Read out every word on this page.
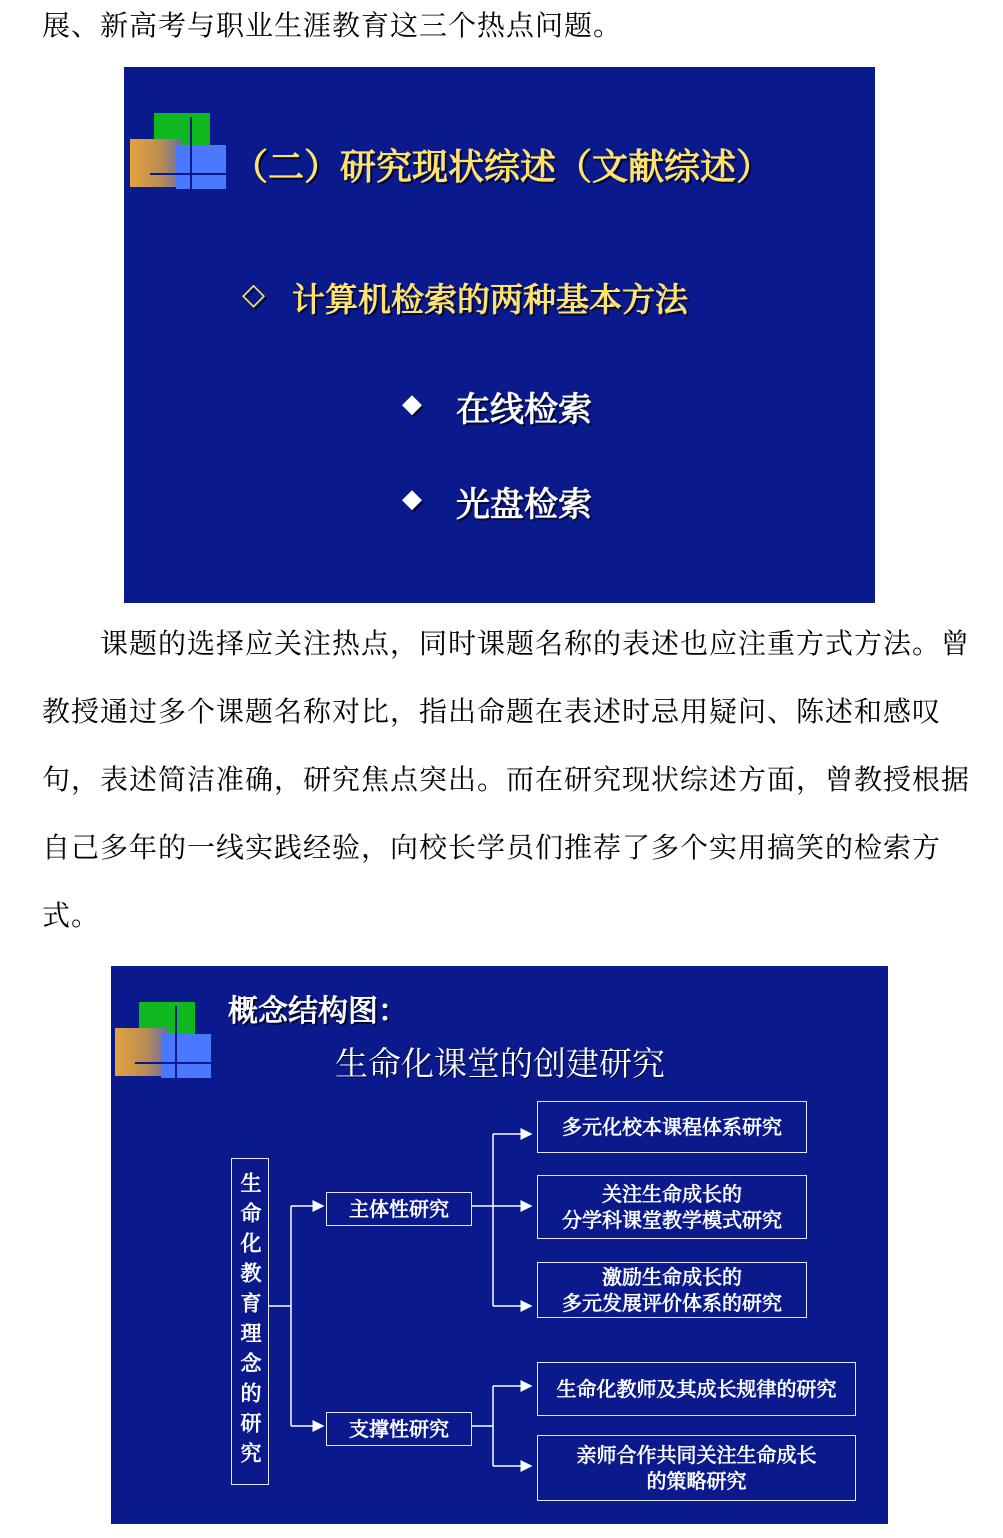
展、新高考与职业生涯教育这三个热点问题。

（二）研究现状综述（文献综述）
◇ 计算机检索的两种基本方法
◆ 在线检索
◆ 光盘检索

课题的选择应关注热点，同时课题名称的表述也应注重方式方法。曾教授通过多个课题名称对比，指出命题在表述时忌用疑问、陈述和感叹句，表述简洁准确，研究焦点突出。而在研究现状综述方面，曾教授根据自己多年的一线实践经验，向校长学员们推荐了多个实用搞笑的检索方式。

概念结构图：
生命化课堂的创建研究
生命化教育理念的研究	主体性研究
支撑性研究
多元化校本课程体系研究
关注生命成长的
分学科课堂教学模式研究
激励生命成长的
多元发展评价体系的研究
生命化教师及其成长规律的研究
亲师合作共同关注生命成长
的策略研究
